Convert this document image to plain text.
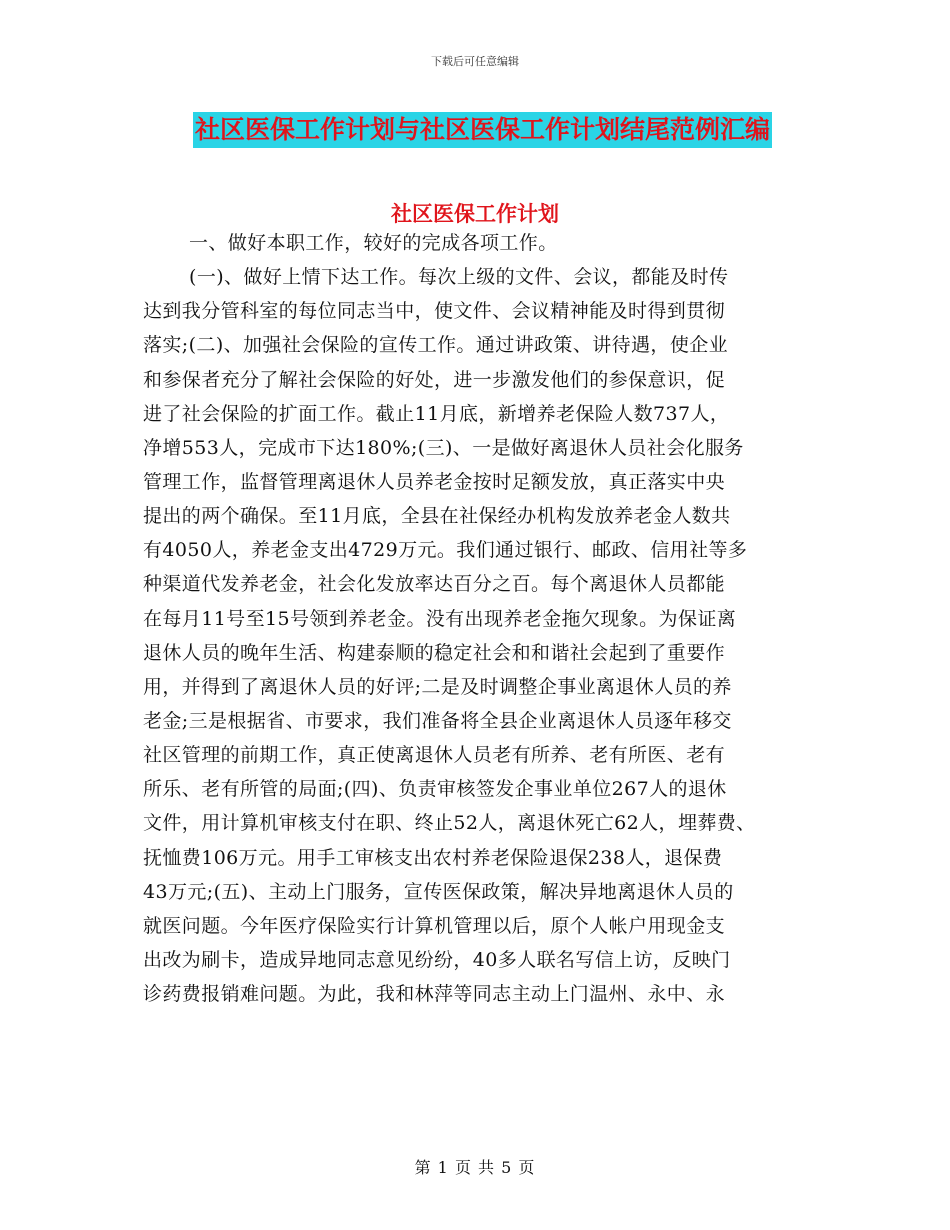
下载后可任意编辑
社区医保工作计划与社区医保工作计划结尾范例汇编
社区医保工作计划
一、做好本职工作，较好的完成各项工作。
(一)、做好上情下达工作。每次上级的文件、会议，都能及时传
达到我分管科室的每位同志当中，使文件、会议精神能及时得到贯彻
落实;(二)、加强社会保险的宣传工作。通过讲政策、讲待遇，使企业
和参保者充分了解社会保险的好处，进一步激发他们的参保意识，促
进了社会保险的扩面工作。截止11月底，新增养老保险人数737人，
净增553人，完成市下达180%;(三)、一是做好离退休人员社会化服务
管理工作，监督管理离退休人员养老金按时足额发放，真正落实中央
提出的两个确保。至11月底，全县在社保经办机构发放养老金人数共
有4050人，养老金支出4729万元。我们通过银行、邮政、信用社等多
种渠道代发养老金，社会化发放率达百分之百。每个离退休人员都能
在每月11号至15号领到养老金。没有出现养老金拖欠现象。为保证离
退休人员的晚年生活、构建泰顺的稳定社会和和谐社会起到了重要作
用，并得到了离退休人员的好评;二是及时调整企事业离退休人员的养
老金;三是根据省、市要求，我们准备将全县企业离退休人员逐年移交
社区管理的前期工作，真正使离退休人员老有所养、老有所医、老有
所乐、老有所管的局面;(四)、负责审核签发企事业单位267人的退休
文件，用计算机审核支付在职、终止52人，离退休死亡62人，埋葬费、
抚恤费106万元。用手工审核支出农村养老保险退保238人，退保费
43万元;(五)、主动上门服务，宣传医保政策，解决异地离退休人员的
就医问题。今年医疗保险实行计算机管理以后，原个人帐户用现金支
出改为刷卡，造成异地同志意见纷纷，40多人联名写信上访，反映门
诊药费报销难问题。为此，我和林萍等同志主动上门温州、永中、永
第 1 页 共 5 页
